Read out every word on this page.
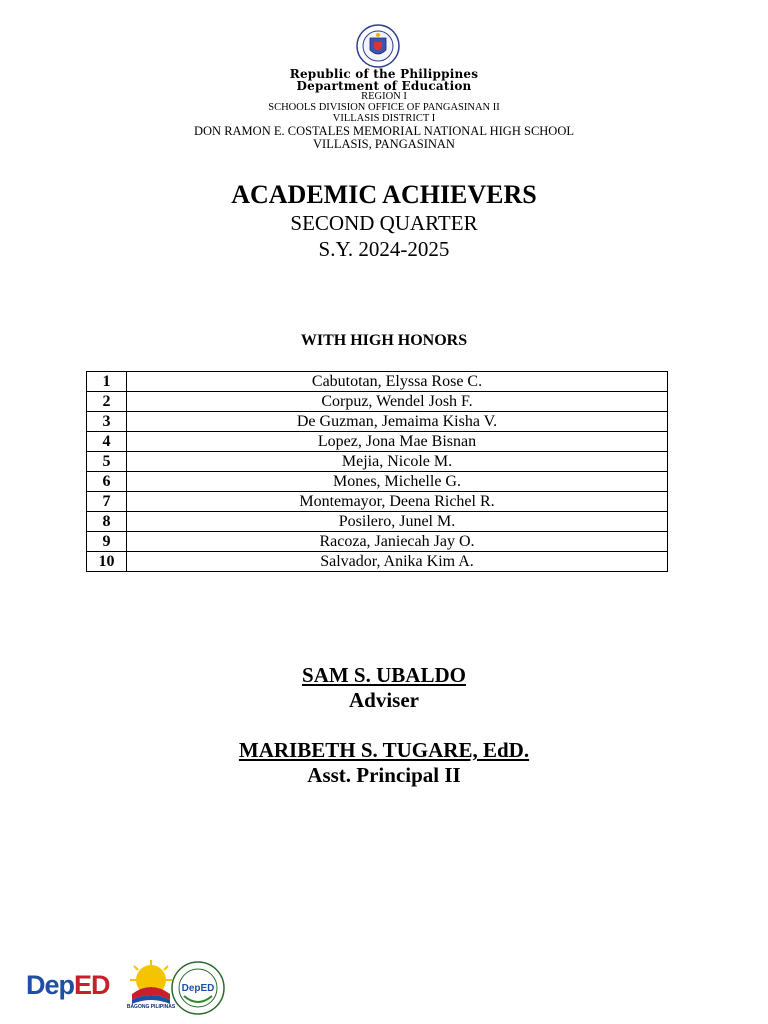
Republic of the Philippines
Department of Education
REGION I
SCHOOLS DIVISION OFFICE OF PANGASINAN II
VILLASIS DISTRICT I
DON RAMON E. COSTALES MEMORIAL NATIONAL HIGH SCHOOL
VILLASIS, PANGASINAN
ACADEMIC ACHIEVERS
SECOND QUARTER
S.Y. 2024-2025
WITH HIGH HONORS
1	Cabutotan, Elyssa Rose C.
2	Corpuz, Wendel Josh F.
3	De Guzman, Jemaima Kisha V.
4	Lopez, Jona Mae Bisnan
5	Mejia, Nicole M.
6	Mones, Michelle G.
7	Montemayor, Deena Richel R.
8	Posilero, Junel M.
9	Racoza, Janiecah Jay O.
10	Salvador, Anika Kim A.
SAM S. UBALDO
Adviser
MARIBETH S. TUGARE, EdD.
Asst. Principal II
DepED
BAGONG PILIPINAS
DepED
